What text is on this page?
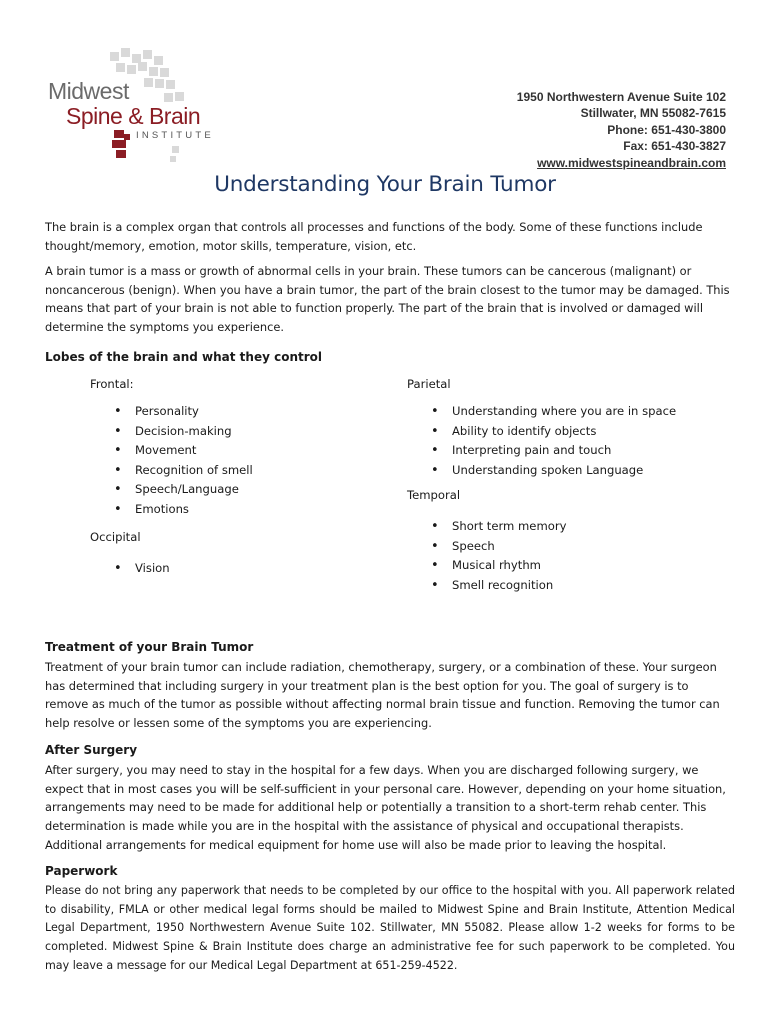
Midwest
Spine & Brain
INSTITUTE
1950 Northwestern Avenue Suite 102
Stillwater, MN 55082-7615
Phone: 651-430-3800
Fax: 651-430-3827
www.midwestspineandbrain.com
Understanding Your Brain Tumor
The brain is a complex organ that controls all processes and functions of the body. Some of these functions include thought/memory, emotion, motor skills, temperature, vision, etc.
A brain tumor is a mass or growth of abnormal cells in your brain. These tumors can be cancerous (malignant) or noncancerous (benign). When you have a brain tumor, the part of the brain closest to the tumor may be damaged. This means that part of your brain is not able to function properly. The part of the brain that is involved or damaged will determine the symptoms you experience.
Lobes of the brain and what they control
Frontal:
• Personality
• Decision-making
• Movement
• Recognition of smell
• Speech/Language
• Emotions
Occipital
• Vision
Parietal
• Understanding where you are in space
• Ability to identify objects
• Interpreting pain and touch
• Understanding spoken Language
Temporal
• Short term memory
• Speech
• Musical rhythm
• Smell recognition
Treatment of your Brain Tumor
Treatment of your brain tumor can include radiation, chemotherapy, surgery, or a combination of these. Your surgeon has determined that including surgery in your treatment plan is the best option for you. The goal of surgery is to remove as much of the tumor as possible without affecting normal brain tissue and function. Removing the tumor can help resolve or lessen some of the symptoms you are experiencing.
After Surgery
After surgery, you may need to stay in the hospital for a few days. When you are discharged following surgery, we expect that in most cases you will be self-sufficient in your personal care. However, depending on your home situation, arrangements may need to be made for additional help or potentially a transition to a short-term rehab center. This determination is made while you are in the hospital with the assistance of physical and occupational therapists. Additional arrangements for medical equipment for home use will also be made prior to leaving the hospital.
Paperwork
Please do not bring any paperwork that needs to be completed by our office to the hospital with you. All paperwork related to disability, FMLA or other medical legal forms should be mailed to Midwest Spine and Brain Institute, Attention Medical Legal Department, 1950 Northwestern Avenue Suite 102. Stillwater, MN 55082. Please allow 1-2 weeks for forms to be completed. Midwest Spine & Brain Institute does charge an administrative fee for such paperwork to be completed. You may leave a message for our Medical Legal Department at 651-259-4522.
